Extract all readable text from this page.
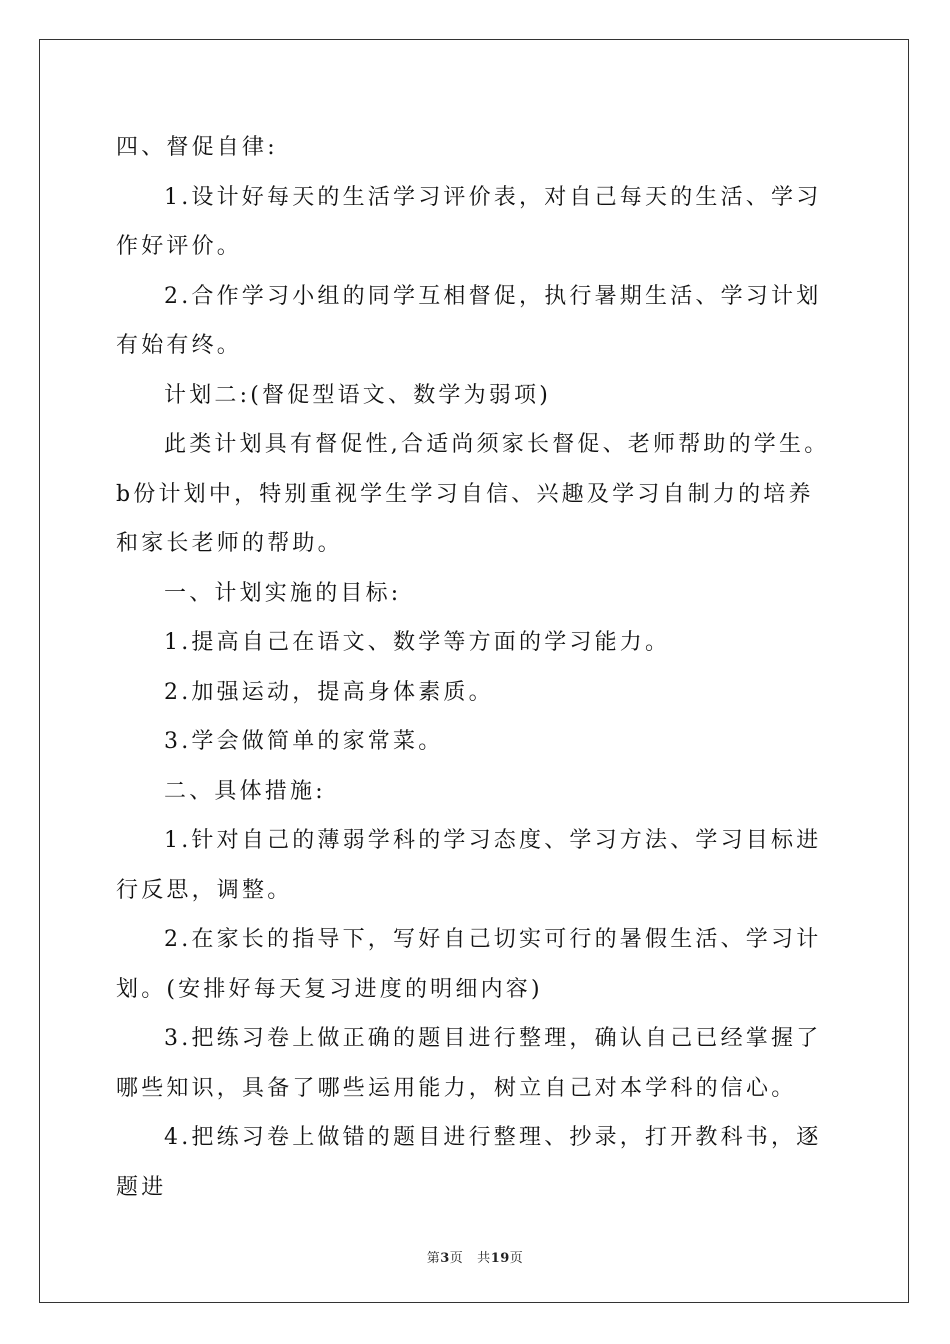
四、督促自律:

1.设计好每天的生活学习评价表，对自己每天的生活、学习作好评价。

2.合作学习小组的同学互相督促，执行暑期生活、学习计划有始有终。

计划二:(督促型语文、数学为弱项)

此类计划具有督促性,合适尚须家长督促、老师帮助的学生。b份计划中，特别重视学生学习自信、兴趣及学习自制力的培养和家长老师的帮助。

一、计划实施的目标:

1.提高自己在语文、数学等方面的学习能力。

2.加强运动，提高身体素质。

3.学会做简单的家常菜。

二、具体措施:

1.针对自己的薄弱学科的学习态度、学习方法、学习目标进行反思，调整。

2.在家长的指导下，写好自己切实可行的暑假生活、学习计划。(安排好每天复习进度的明细内容)

3.把练习卷上做正确的题目进行整理，确认自己已经掌握了哪些知识，具备了哪些运用能力，树立自己对本学科的信心。

4.把练习卷上做错的题目进行整理、抄录，打开教科书，逐题进

第3页 共19页
